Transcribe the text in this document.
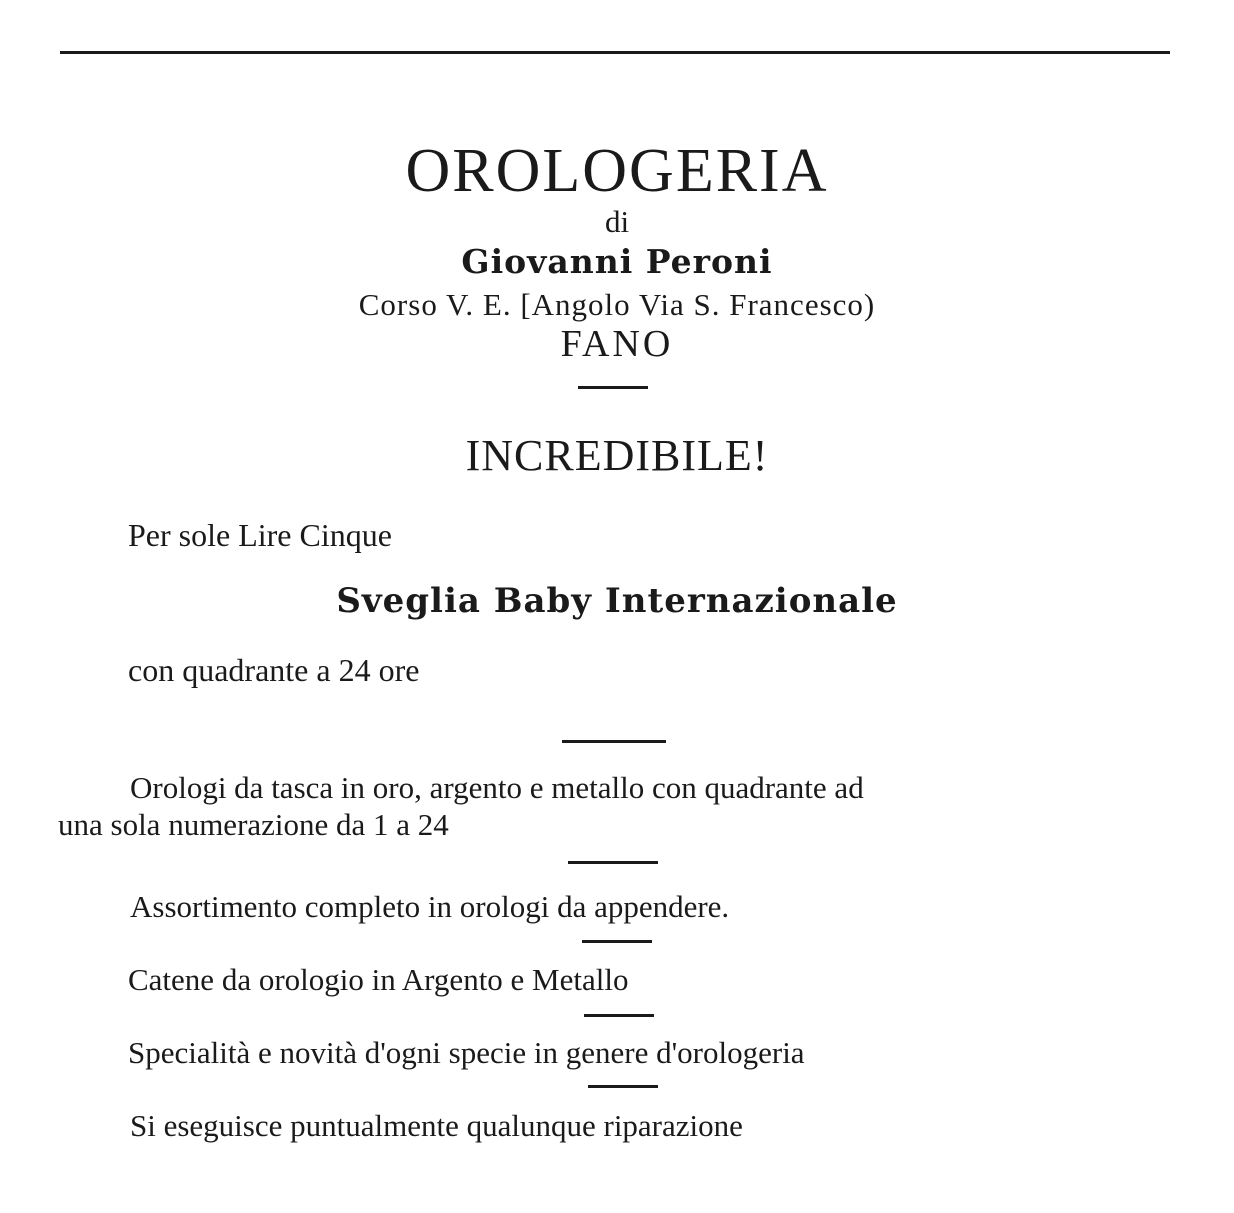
OROLOGERIA
di
Giovanni Peroni
Corso V. E. [Angolo Via S. Francesco)
FANO
INCREDIBILE!
Per sole Lire Cinque
Sveglia Baby Internazionale
con quadrante a 24 ore
Orologi da tasca in oro, argento e metallo con quadrante ad
una sola numerazione da 1 a 24
Assortimento completo in orologi da appendere.
Catene da orologio in Argento e Metallo
Specialità e novità d'ogni specie in genere d'orologeria
Si eseguisce puntualmente qualunque riparazione
